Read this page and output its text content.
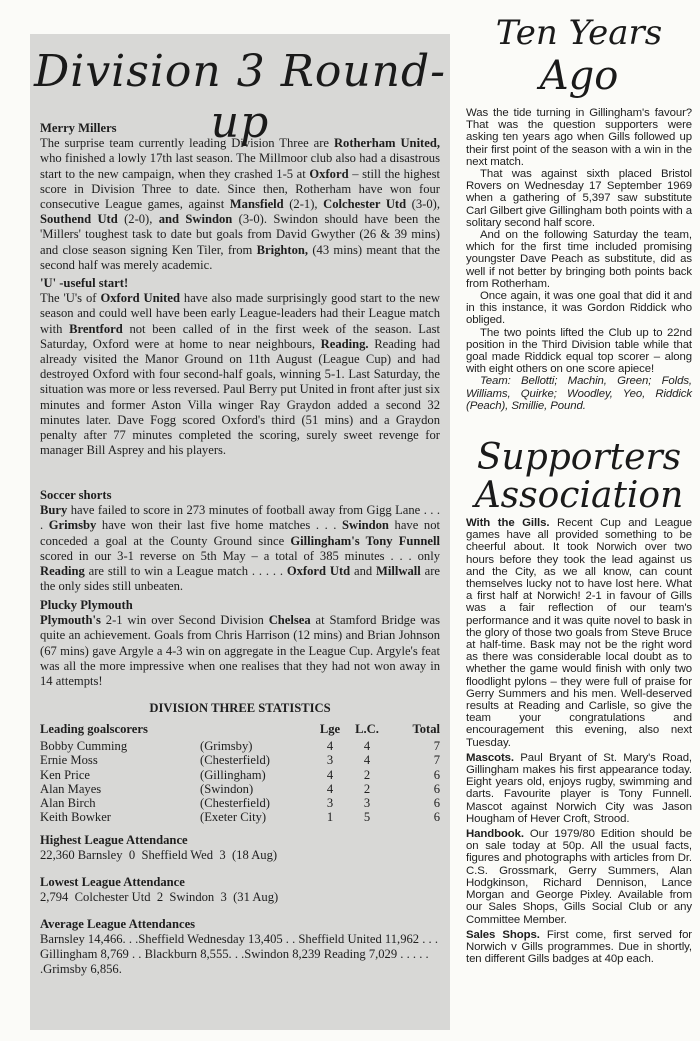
Division 3 Round-up
Merry Millers

The surprise team currently leading Division Three are Rotherham United, who finished a lowly 17th last season. The Millmoor club also had a disastrous start to the new campaign, when they crashed 1-5 at Oxford – still the highest score in Division Three to date. Since then, Rotherham have won four consecutive League games, against Mansfield (2-1), Colchester Utd (3-0), Southend Utd (2-0), and Swindon (3-0). Swindon should have been the 'Millers' toughest task to date but goals from David Gwyther (26 & 39 mins) and close season signing Ken Tiler, from Brighton, (43 mins) meant that the second half was merely academic.

'U' -useful start!

The 'U's of Oxford United have also made surprisingly good start to the new season and could well have been early League-leaders had their League match with Brentford not been called of in the first week of the season. Last Saturday, Oxford were at home to near neighbours, Reading. Reading had already visited the Manor Ground on 11th August (League Cup) and had destroyed Oxford with four second-half goals, winning 5-1. Last Saturday, the situation was more or less reversed. Paul Berry put United in front after just six minutes and former Aston Villa winger Ray Graydon added a second 32 minutes later. Dave Fogg scored Oxford's third (51 mins) and a Graydon penalty after 77 minutes completed the scoring, surely sweet revenge for manager Bill Asprey and his players.

Soccer shorts

Bury have failed to score in 273 minutes of football away from Gigg Lane . . . . Grimsby have won their last five home matches . . . Swindon have not conceded a goal at the County Ground since Gillingham's Tony Funnell scored in our 3-1 reverse on 5th May – a total of 385 minutes . . . only Reading are still to win a League match . . . . . Oxford Utd and Millwall are the only sides still unbeaten.

Plucky Plymouth

Plymouth's 2-1 win over Second Division Chelsea at Stamford Bridge was quite an achievement. Goals from Chris Harrison (12 mins) and Brian Johnson (67 mins) gave Argyle a 4-3 win on aggregate in the League Cup. Argyle's feat was all the more impressive when one realises that they had not won away in 14 attempts!

DIVISION THREE STATISTICS
Leading goalscorers	Lge L.C.	Total
Bobby Cumming	(Grimsby)	4	4	7
Ernie Moss	(Chesterfield)	3	4	7
Ken Price	(Gillingham)	4	2	6
Alan Mayes	(Swindon)	4	2	6
Alan Birch	(Chesterfield)	3	3	6
Keith Bowker	(Exeter City)	1	5	6
Highest League Attendance
22,360 Barnsley  0  Sheffield Wed  3  (18 Aug)
Lowest League Attendance
2,794  Colchester Utd  2  Swindon  3  (31 Aug)
Average League Attendances
Barnsley 14,466. . .Sheffield Wednesday 13,405 . . Sheffield United 11,962 . . . Gillingham 8,769 . . Blackburn 8,555. . .Swindon 8,239 Reading 7,029 . . . . . .Grimsby 6,856.
Ten Years
Ago

Was the tide turning in Gillingham's favour? That was the question supporters were asking ten years ago when Gills followed up their first point of the season with a win in the next match.

That was against sixth placed Bristol Rovers on Wednesday 17 September 1969 when a gathering of 5,397 saw substitute Carl Gilbert give Gillingham both points with a solitary second half score.

And on the following Saturday the team, which for the first time included promising youngster Dave Peach as substitute, did as well if not better by bringing both points back from Rotherham.

Once again, it was one goal that did it and in this instance, it was Gordon Riddick who obliged.

The two points lifted the Club up to 22nd position in the Third Division table while that goal made Riddick equal top scorer – along with eight others on one score apiece!

Team: Bellotti; Machin, Green; Folds, Williams, Quirke; Woodley, Yeo, Riddick (Peach), Smillie, Pound.

Supporters
Association

With the Gills. Recent Cup and League games have all provided something to be cheerful about. It took Norwich over two hours before they took the lead against us and the City, as we all know, can count themselves lucky not to have lost here. What a first half at Norwich! 2-1 in favour of Gills was a fair reflection of our team's performance and it was quite novel to bask in the glory of those two goals from Steve Bruce at half-time. Bask may not be the right word as there was considerable local doubt as to whether the game would finish with only two floodlight pylons – they were full of praise for Gerry Summers and his men. Well-deserved results at Reading and Carlisle, so give the team your congratulations and encouragement this evening, also next Tuesday.

Mascots. Paul Bryant of St. Mary's Road, Gillingham makes his first appearance today. Eight years old, enjoys rugby, swimming and darts. Favourite player is Tony Funnell. Mascot against Norwich City was Jason Hougham of Hever Croft, Strood.

Handbook. Our 1979/80 Edition should be on sale today at 50p. All the usual facts, figures and photographs with articles from Dr. C.S. Grossmark, Gerry Summers, Alan Hodgkinson, Richard Dennison, Lance Morgan and George Pixley. Available from our Sales Shops, Gills Social Club or any Committee Member.

Sales Shops. First come, first served for Norwich v Gills programmes. Due in shortly, ten different Gills badges at 40p each.
